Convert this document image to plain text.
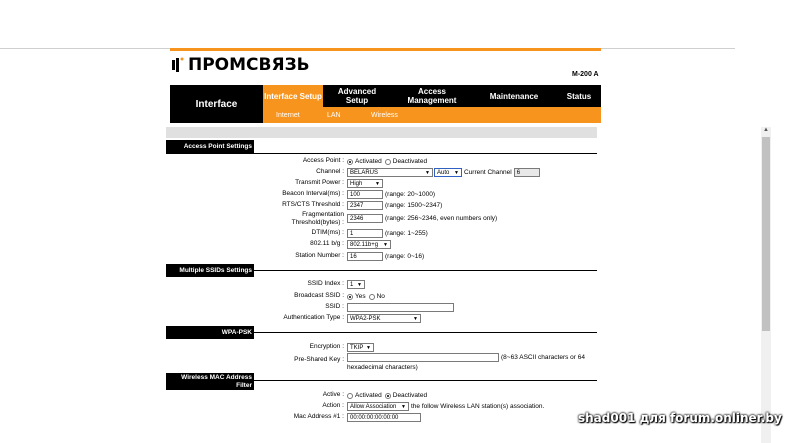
ПРОМСВЯЗЬ	M-200 A
Interface
Interface Setup	Advanced Setup
Access Management	Maintenance	Status
Internet	LAN	Wireless
Access Point Settings
Access Point : Activated Deactivated
Channel : BELARUS	▼ Auto ▼ Current Channel 6
Transmit Power : High	▼
Beacon Interval(ms) :	100	(range: 20~1000)
RTS/CTS Threshold :	2347	(range: 1500~2347)
Fragmentation
Threshold(bytes) :
2346	(range: 256~2346, even numbers only)
DTIM(ms) :	1	(range: 1~255)
802.11 b/g : 802.11b+g ▼
Station Number :	16	(range: 0~16)
Multiple SSIDs Settings
SSID Index : 1 ▼
Broadcast SSID : Yes No
SSID :
Authentication Type : WPA2-PSK	▼
WPA-PSK
Encryption : TKIP ▼
Pre-Shared Key :	(8~63 ASCII characters or 64
hexadecimal characters)
Wireless MAC Address Filter
Active : Activated Deactivated
Action : Allow Association ▼ the follow Wireless LAN station(s) association.
Mac Address #1 :	00:00:00:00:00:00
▲
shad001 для forum.onliner.by
